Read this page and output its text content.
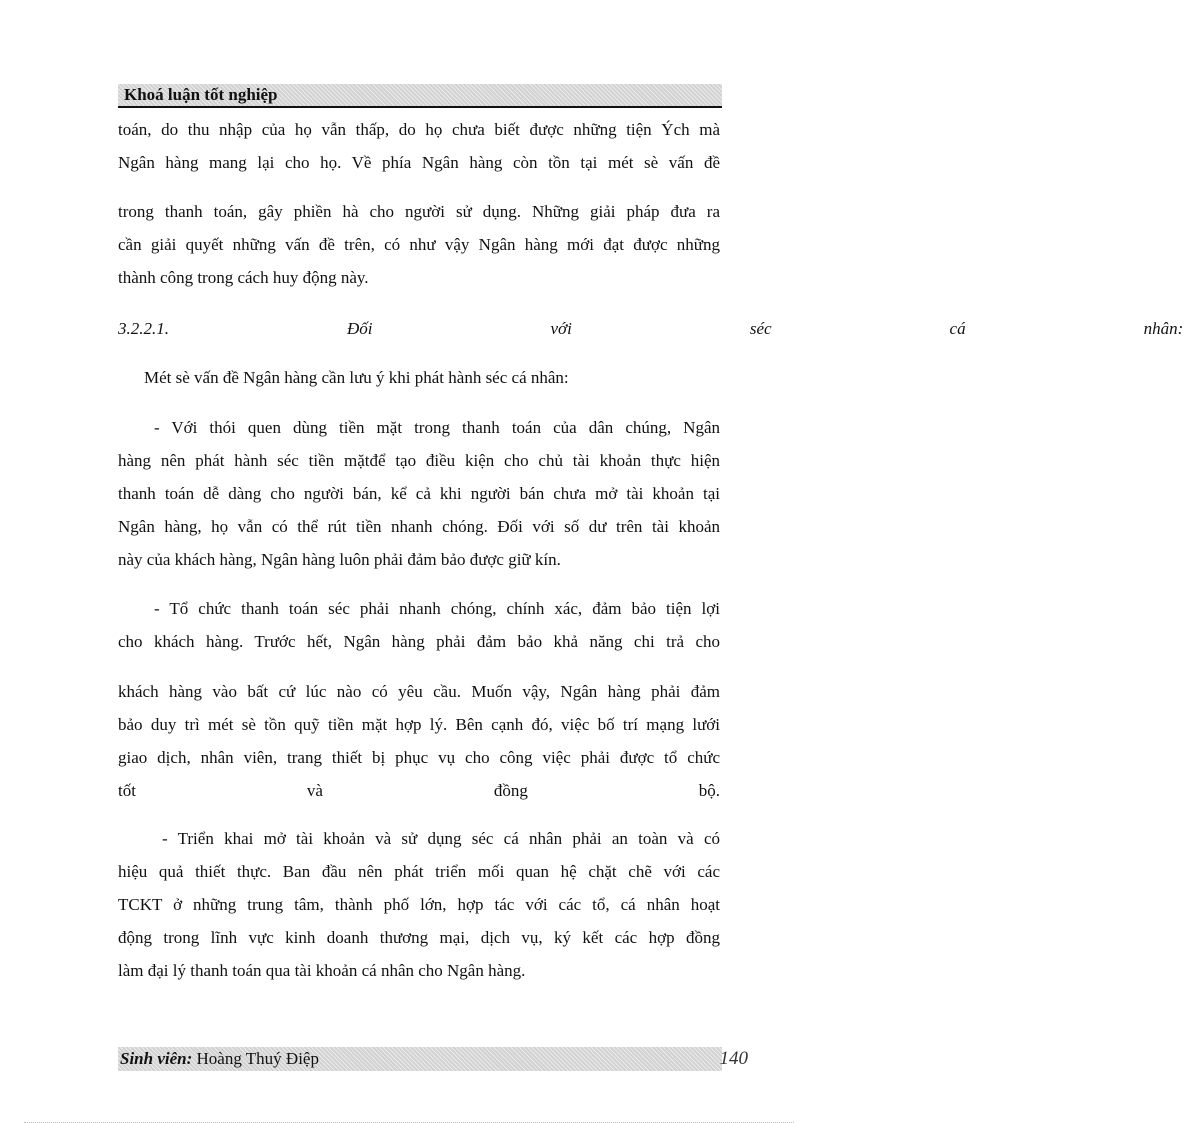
Khoá luận tốt nghiệp
toán, do thu nhập của họ vẫn thấp, do họ chưa biết được những tiện Ých mà
Ngân hàng mang lại cho họ. Về phía Ngân hàng còn tồn tại mét sè vấn đề
trong thanh toán, gây phiền hà cho người sử dụng. Những giải pháp đưa ra
cần giải quyết những vấn đề trên, có như vậy Ngân hàng mới đạt được những
thành công trong cách huy động này.
3.2.2.1.        Đối        với        séc        cá        nhân:
Mét sè vấn đề Ngân hàng cần lưu ý khi phát hành séc cá nhân:
- Với thói quen dùng tiền mặt trong thanh toán của dân chúng, Ngân
hàng nên phát hành séc tiền mặtđể tạo điều kiện cho chủ tài khoản thực hiện
thanh toán dễ dàng cho người bán, kể cả khi người bán chưa mở tài khoản tại
Ngân hàng, họ vẫn có thể rút tiền nhanh chóng. Đối với số dư trên tài khoản
này của khách hàng, Ngân hàng luôn phải đảm bảo được giữ kín.
- Tổ chức thanh toán séc phải nhanh chóng, chính xác, đảm bảo tiện lợi
cho khách hàng. Trước hết, Ngân hàng phải đảm bảo khả năng chi trả cho
khách hàng vào bất cứ lúc nào có yêu cầu. Muốn vậy, Ngân hàng phải đảm
bảo duy trì mét sè tồn quỹ tiền mặt hợp lý. Bên cạnh đó, việc bố trí mạng lưới
giao dịch, nhân viên, trang thiết bị phục vụ cho công việc phải được tổ chức
tốt và đồng bộ.
- Triển khai mở tài khoản và sử dụng séc cá nhân phải an toàn và có
hiệu quả thiết thực. Ban đầu nên phát triển mối quan hệ chặt chẽ với các
TCKT ở những trung tâm, thành phố lớn, hợp tác với các tổ, cá nhân hoạt
động trong lĩnh vực kinh doanh thương mại, dịch vụ, ký kết các hợp đồng
làm đại lý thanh toán qua tài khoản cá nhân cho Ngân hàng.
Sinh viên: Hoàng Thuý Điệp	140
